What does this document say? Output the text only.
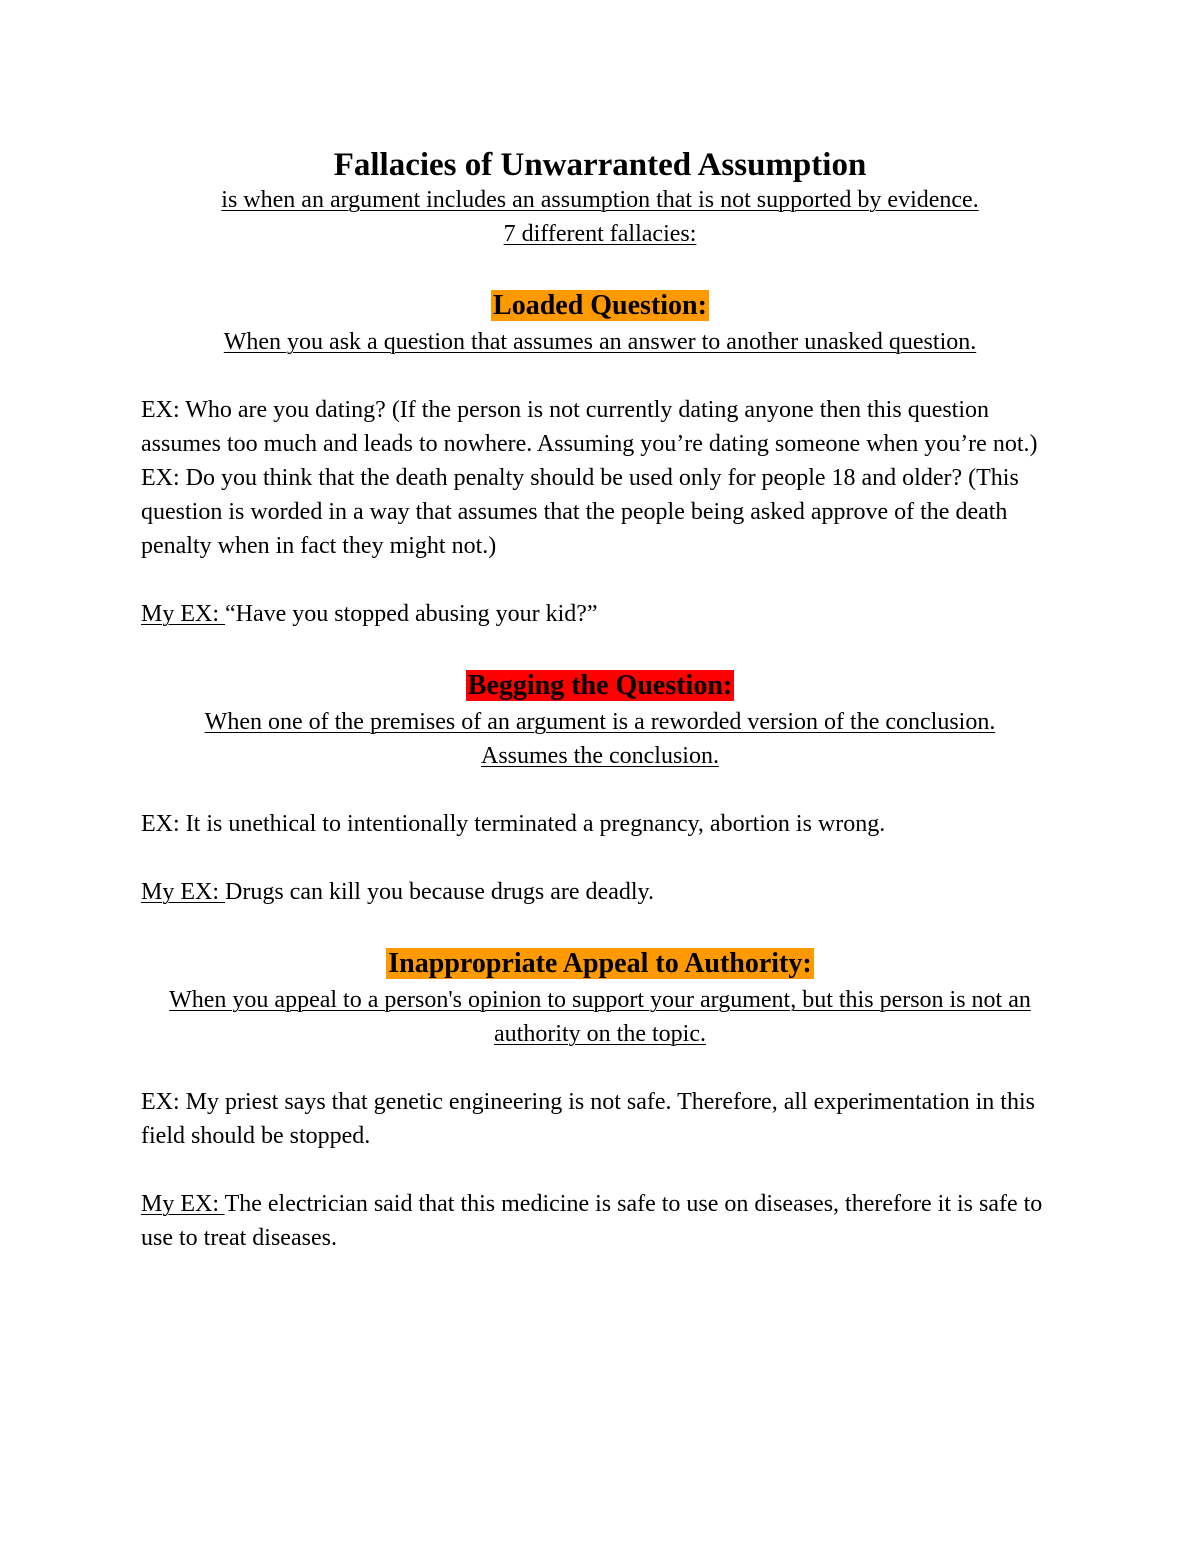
Fallacies of Unwarranted Assumption

is when an argument includes an assumption that is not supported by evidence.

7 different fallacies:

Loaded Question:

When you ask a question that assumes an answer to another unasked question.

EX: Who are you dating? (If the person is not currently dating anyone then this question assumes too much and leads to nowhere. Assuming you’re dating someone when you’re not.)

EX: Do you think that the death penalty should be used only for people 18 and older? (This question is worded in a way that assumes that the people being asked approve of the death penalty when in fact they might not.)

My EX: “Have you stopped abusing your kid?”

Begging the Question:

When one of the premises of an argument is a reworded version of the conclusion.

Assumes the conclusion.

EX: It is unethical to intentionally terminated a pregnancy, abortion is wrong.

My EX: Drugs can kill you because drugs are deadly.

Inappropriate Appeal to Authority:

When you appeal to a person's opinion to support your argument, but this person is not an

authority on the topic.

EX: My priest says that genetic engineering is not safe. Therefore, all experimentation in this field should be stopped.

My EX: The electrician said that this medicine is safe to use on diseases, therefore it is safe to use to treat diseases.
